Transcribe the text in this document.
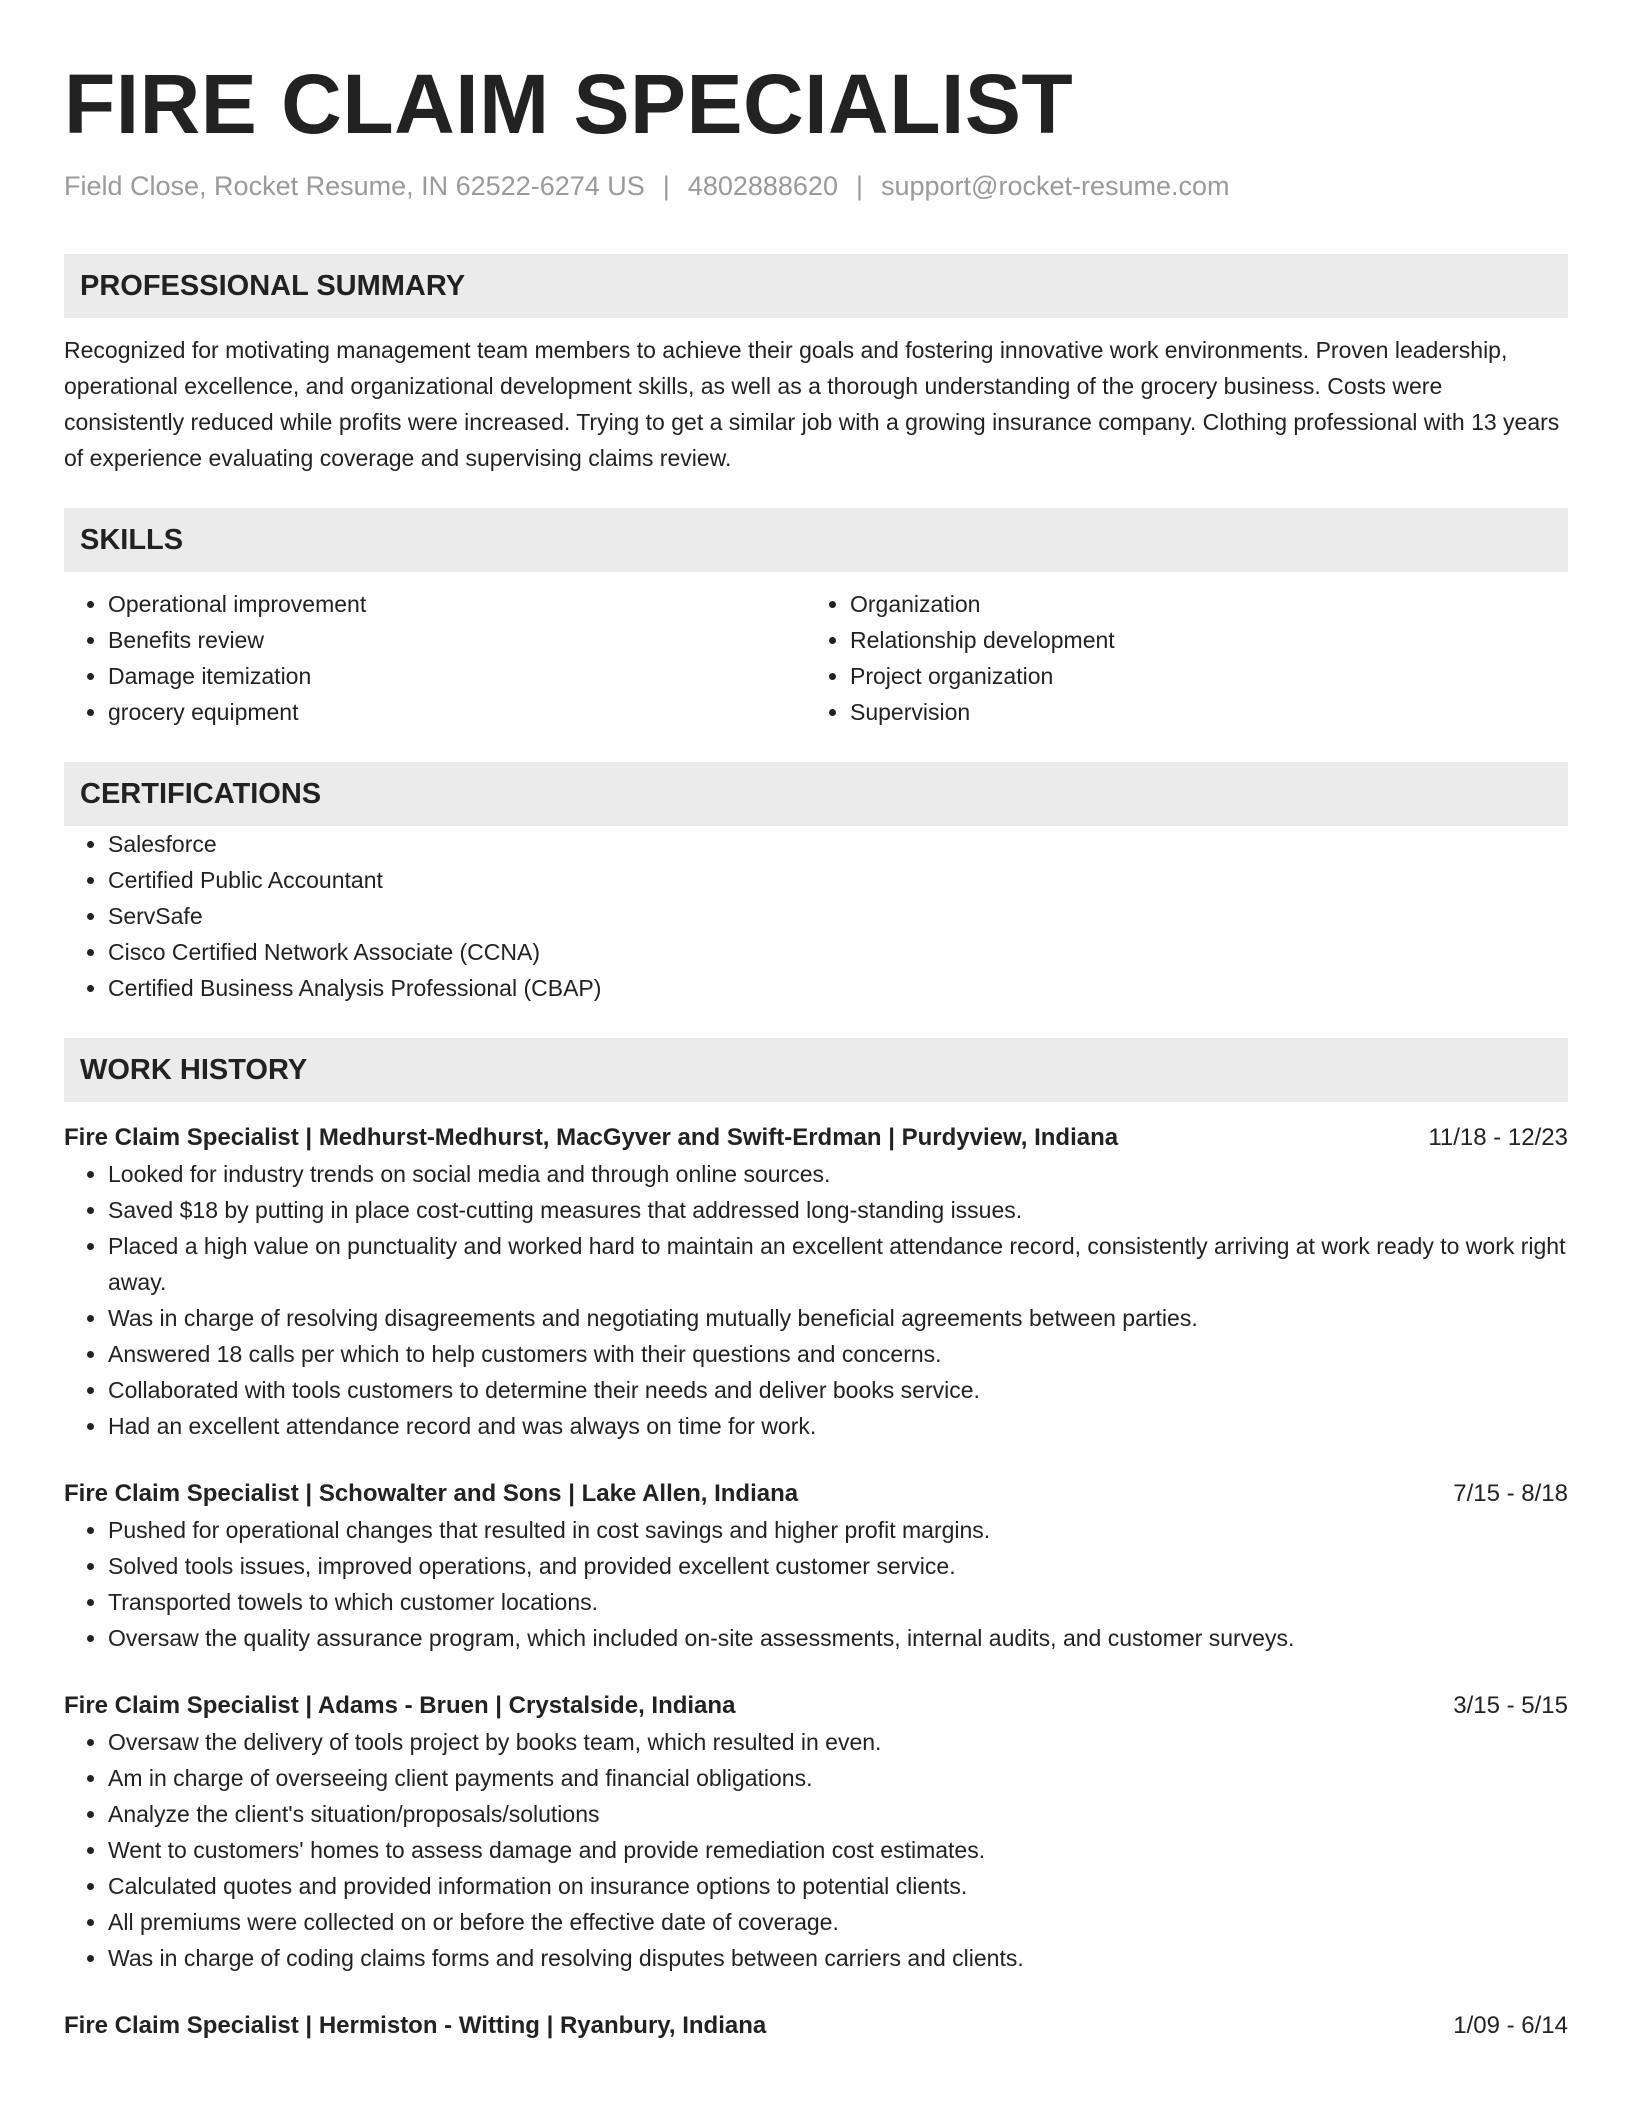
FIRE CLAIM SPECIALIST
Field Close, Rocket Resume, IN 62522-6274 US | 4802888620 | support@rocket-resume.com
PROFESSIONAL SUMMARY

Recognized for motivating management team members to achieve their goals and fostering innovative work environments. Proven leadership, operational excellence, and organizational development skills, as well as a thorough understanding of the grocery business. Costs were consistently reduced while profits were increased. Trying to get a similar job with a growing insurance company. Clothing professional with 13 years of experience evaluating coverage and supervising claims review.

SKILLS
• Operational improvement
• Benefits review
• Damage itemization
• grocery equipment
• Organization
• Relationship development
• Project organization
• Supervision
CERTIFICATIONS
• Salesforce
• Certified Public Accountant
• ServSafe
• Cisco Certified Network Associate (CCNA)
• Certified Business Analysis Professional (CBAP)
WORK HISTORY
Fire Claim Specialist | Medhurst-Medhurst, MacGyver and Swift-Erdman | Purdyview, Indiana	11/18 - 12/23
• Looked for industry trends on social media and through online sources.
• Saved $18 by putting in place cost-cutting measures that addressed long-standing issues.
• Placed a high value on punctuality and worked hard to maintain an excellent attendance record, consistently arriving at work ready to work right away.
• Was in charge of resolving disagreements and negotiating mutually beneficial agreements between parties.
• Answered 18 calls per which to help customers with their questions and concerns.
• Collaborated with tools customers to determine their needs and deliver books service.
• Had an excellent attendance record and was always on time for work.
Fire Claim Specialist | Schowalter and Sons | Lake Allen, Indiana	7/15 - 8/18
• Pushed for operational changes that resulted in cost savings and higher profit margins.
• Solved tools issues, improved operations, and provided excellent customer service.
• Transported towels to which customer locations.
• Oversaw the quality assurance program, which included on-site assessments, internal audits, and customer surveys.
Fire Claim Specialist | Adams - Bruen | Crystalside, Indiana	3/15 - 5/15
• Oversaw the delivery of tools project by books team, which resulted in even.
• Am in charge of overseeing client payments and financial obligations.
• Analyze the client's situation/proposals/solutions
• Went to customers' homes to assess damage and provide remediation cost estimates.
• Calculated quotes and provided information on insurance options to potential clients.
• All premiums were collected on or before the effective date of coverage.
• Was in charge of coding claims forms and resolving disputes between carriers and clients.
Fire Claim Specialist | Hermiston - Witting | Ryanbury, Indiana	1/09 - 6/14
